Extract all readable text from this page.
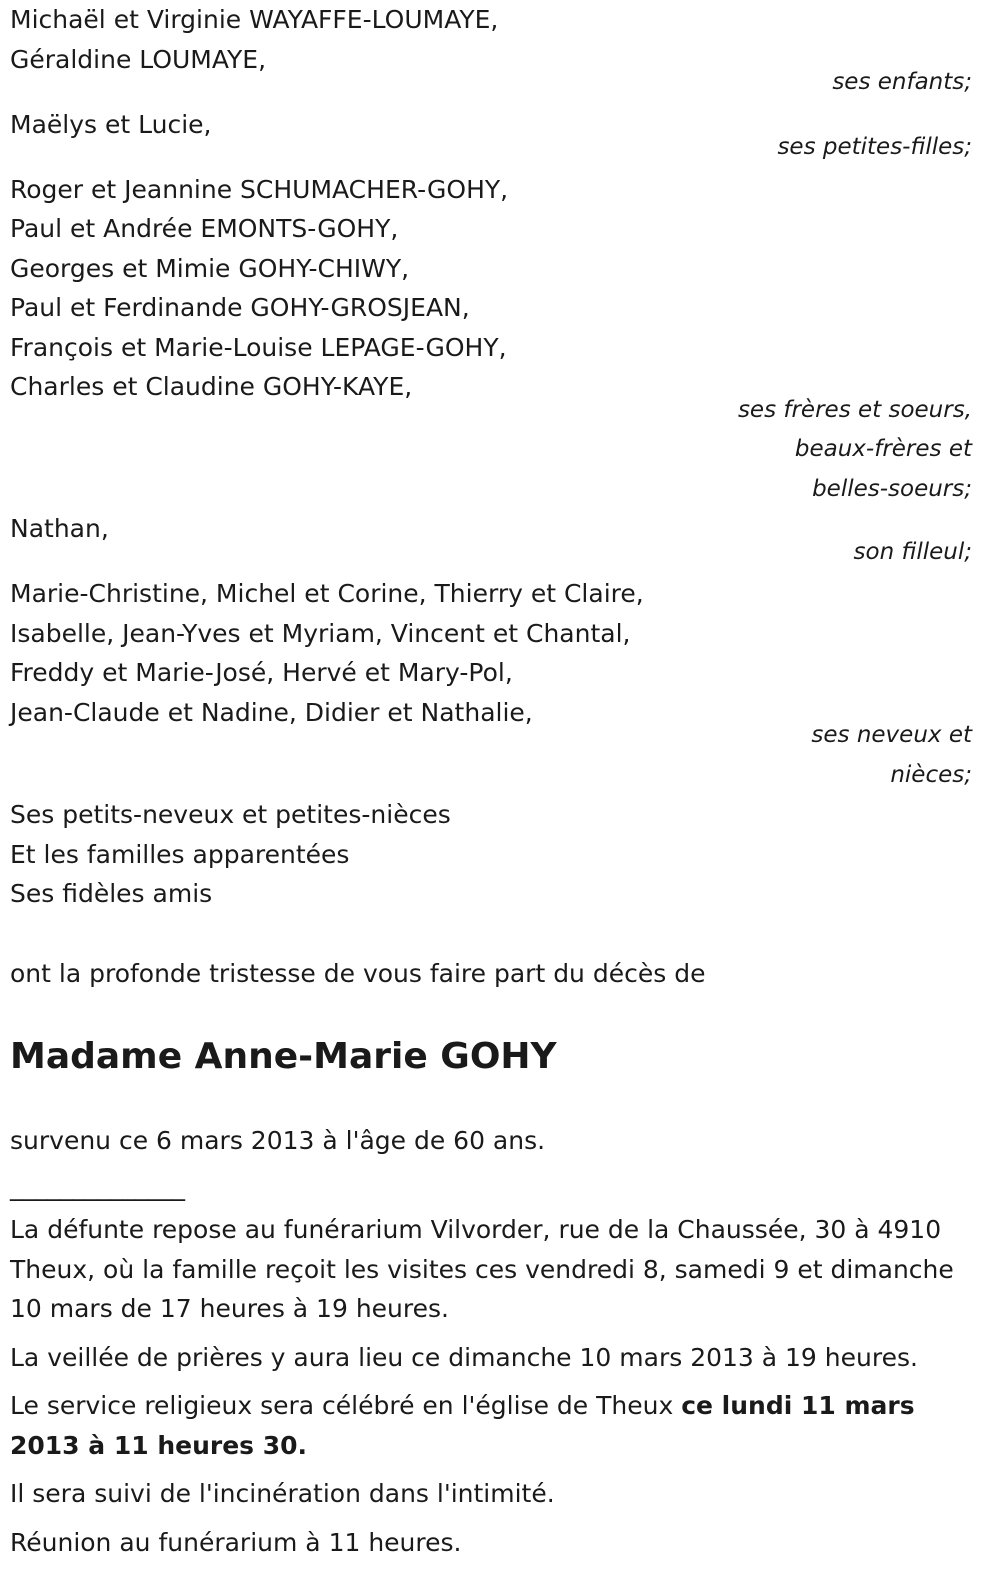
Michaël et Virginie WAYAFFE-LOUMAYE,
Géraldine LOUMAYE,
ses enfants;
Maëlys et Lucie,
ses petites-filles;
Roger et Jeannine SCHUMACHER-GOHY,
Paul et Andrée EMONTS-GOHY,
Georges et Mimie GOHY-CHIWY,
Paul et Ferdinande GOHY-GROSJEAN,
François et Marie-Louise LEPAGE-GOHY,
Charles et Claudine GOHY-KAYE,
ses frères et soeurs,
beaux-frères et
belles-soeurs;
Nathan,
son filleul;
Marie-Christine, Michel et Corine, Thierry et Claire,
Isabelle, Jean-Yves et Myriam, Vincent et Chantal,
Freddy et Marie-José, Hervé et Mary-Pol,
Jean-Claude et Nadine, Didier et Nathalie,
ses neveux et
nièces;
Ses petits-neveux et petites-nièces
Et les familles apparentées
Ses fidèles amis
ont la profonde tristesse de vous faire part du décès de
Madame Anne-Marie GOHY
survenu ce 6 mars 2013 à l'âge de 60 ans.
______________

La défunte repose au funérarium Vilvorder, rue de la Chaussée, 30 à 4910 Theux, où la famille reçoit les visites ces vendredi 8, samedi 9 et dimanche 10 mars de 17 heures à 19 heures.

La veillée de prières y aura lieu ce dimanche 10 mars 2013 à 19 heures.

Le service religieux sera célébré en l'église de Theux ce lundi 11 mars 2013 à 11 heures 30.

Il sera suivi de l'incinération dans l'intimité.

Réunion au funérarium à 11 heures.
